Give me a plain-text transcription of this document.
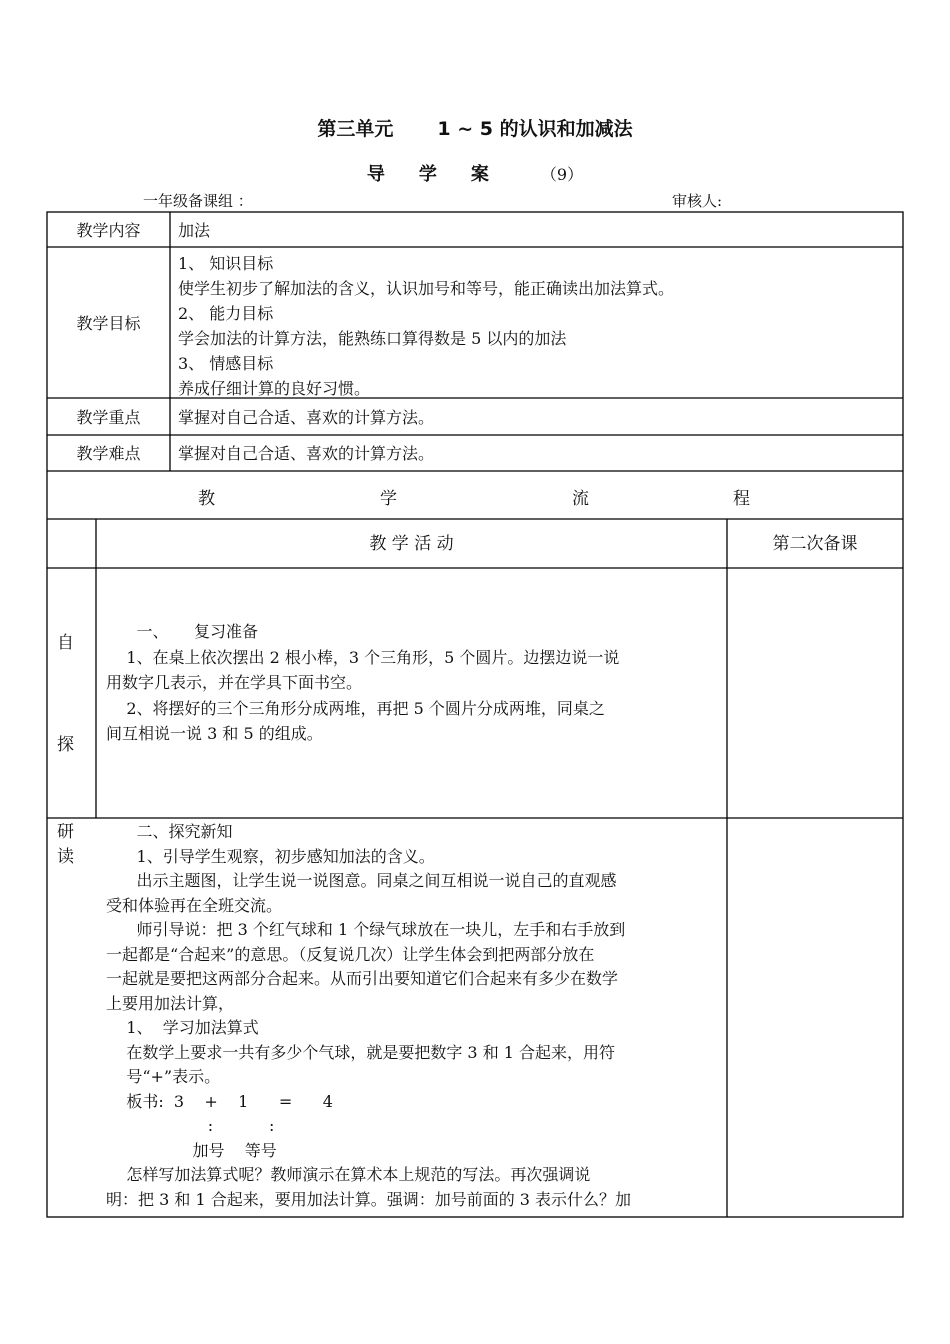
第三单元 1 ~ 5 的认识和加减法
导学案 （9）
一年级备课组 ：	审核人:
教学内容	加法
教学目标
1、 知识目标
使学生初步了解加法的含义，认识加号和等号，能正确读出加法算式。
2、 能力目标
学会加法的计算方法，能熟练口算得数是 5 以内的加法
3、 情感目标
养成仔细计算的良好习惯。
教学重点	掌握对自己合适、喜欢的计算方法。
教学难点	掌握对自己合适、喜欢的计算方法。
教	学	流	程
教 学 活 动	第二次备课
自
探
一、     复习准备
1、在桌上依次摆出 2 根小棒，3 个三角形，5 个圆片。边摆边说一说
用数字几表示，并在学具下面书空。
2、将摆好的三个三角形分成两堆，再把 5 个圆片分成两堆，同桌之
间互相说一说 3 和 5 的组成。
研
读
二、探究新知
1、引导学生观察，初步感知加法的含义。
出示主题图，让学生说一说图意。同桌之间互相说一说自己的直观感
受和体验再在全班交流。
师引导说：把 3 个红气球和 1 个绿气球放在一块儿，左手和右手放到
一起都是“合起来”的意思。（反复说几次）让学生体会到把两部分放在
一起就是要把这两部分合起来。从而引出要知道它们合起来有多少在数学
上要用加法计算，
1、  学习加法算式
在数学上要求一共有多少个气球，就是要把数字 3 和 1 合起来，用符
号“+”表示。
板书:  3    +    1      =      4
:           :
加号    等号
怎样写加法算式呢？教师演示在算术本上规范的写法。再次强调说
明：把 3 和 1 合起来，要用加法计算。强调：加号前面的 3 表示什么？加
